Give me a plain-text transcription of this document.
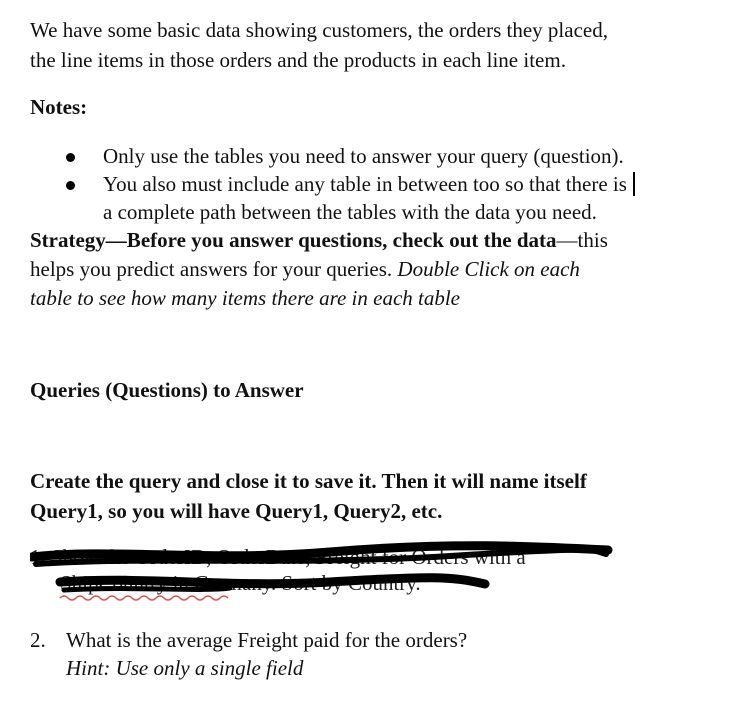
We have some basic data showing customers, the orders they placed,
the line items in those orders and the products in each line item.
Notes:
Only use the tables you need to answer your query (question).
You also must include any table in between too so that there is
a complete path between the tables with the data you need.
Strategy—Before you answer questions, check out the data—this
helps you predict answers for your queries. Double Click on each
table to see how many items there are in each table
Queries (Questions) to Answer
Create the query and close it to save it. Then it will name itself
Query1, so you will have Query1, Query2, etc.
1. Show the OrderID, OrderDate, Freight for Orders with a
ShipCountry in Germany. Sort by Country.
2. What is the average Freight paid for the orders?
Hint: Use only a single field
